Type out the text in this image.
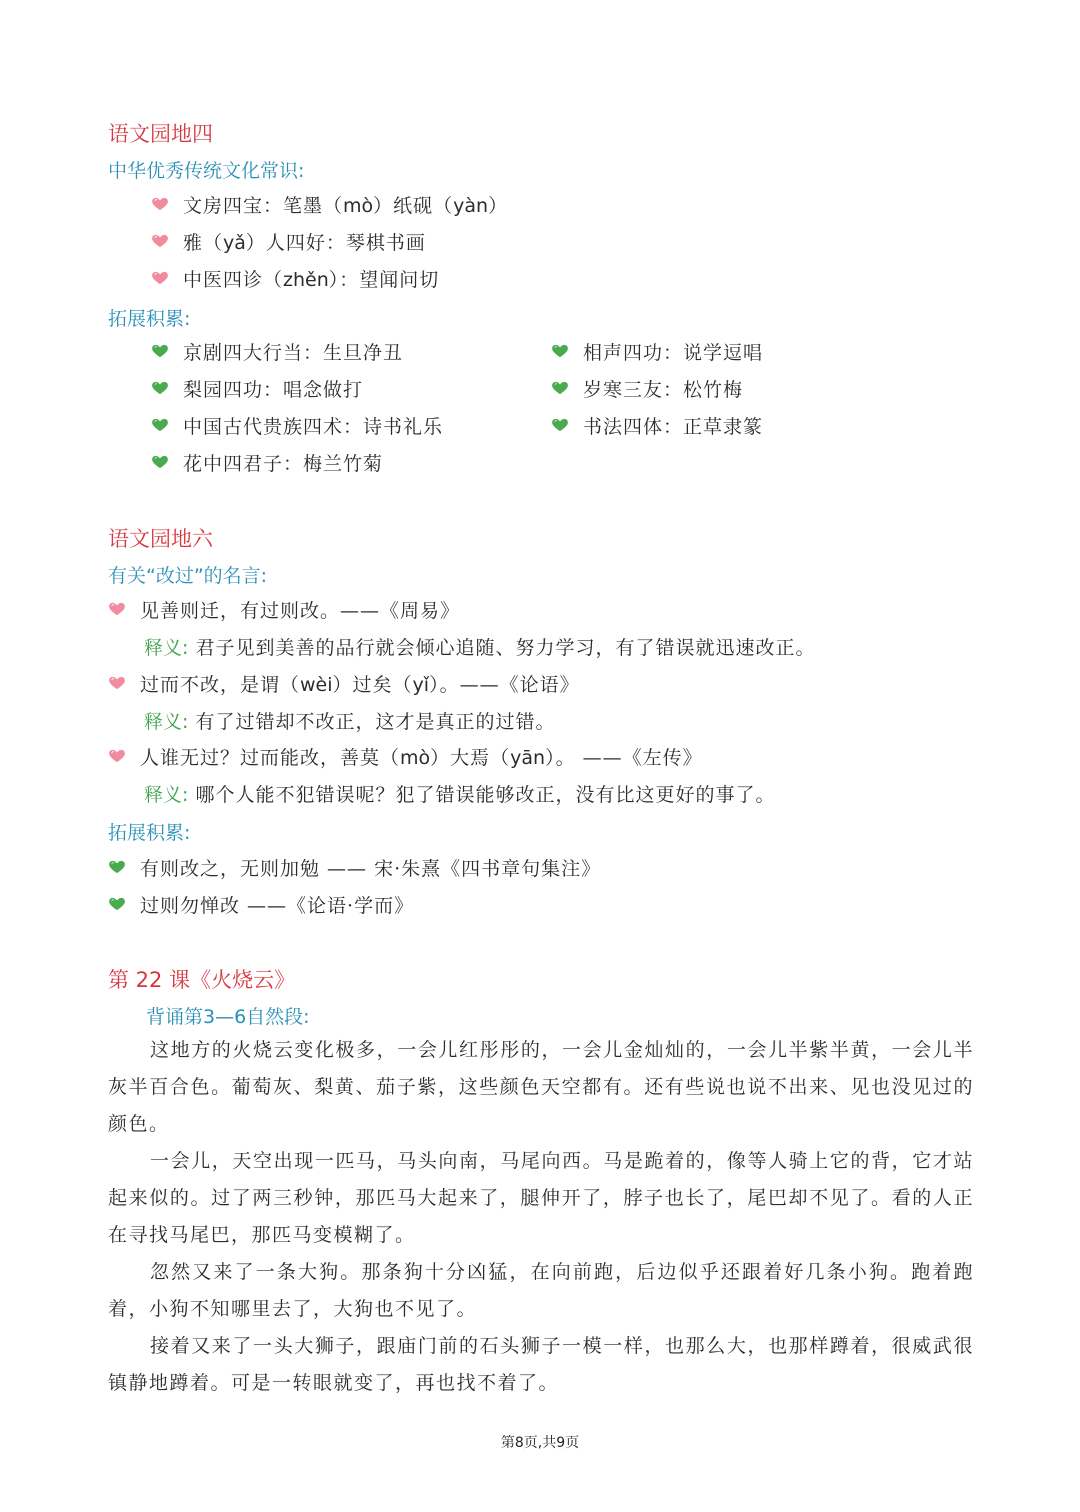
语文园地四
中华优秀传统文化常识:
文房四宝：笔墨（mò）纸砚（yàn）
雅（yǎ）人四好：琴棋书画
中医四诊（zhěn）：望闻问切
拓展积累:
京剧四大行当：生旦净丑	相声四功：说学逗唱
梨园四功：唱念做打	岁寒三友：松竹梅
中国古代贵族四术：诗书礼乐	书法四体：正草隶篆
花中四君子：梅兰竹菊
语文园地六
有关“改过”的名言:
见善则迁，有过则改。——《周易》
释义: 君子见到美善的品行就会倾心追随、努力学习，有了错误就迅速改正。
过而不改，是谓（wèi）过矣（yǐ）。——《论语》
释义: 有了过错却不改正，这才是真正的过错。
人谁无过？过而能改，善莫（mò）大焉（yān）。 ——《左传》
释义: 哪个人能不犯错误呢？犯了错误能够改正，没有比这更好的事了。
拓展积累:
有则改之，无则加勉 —— 宋·朱熹《四书章句集注》
过则勿惮改 ——《论语·学而》
第 22 课《火烧云》
背诵第3—6自然段:
这地方的火烧云变化极多，一会儿红彤彤的，一会儿金灿灿的，一会儿半紫半黄，一会儿半灰半百合色。葡萄灰、梨黄、茄子紫，这些颜色天空都有。还有些说也说不出来、见也没见过的颜色。
一会儿，天空出现一匹马，马头向南，马尾向西。马是跪着的，像等人骑上它的背，它才站起来似的。过了两三秒钟，那匹马大起来了，腿伸开了，脖子也长了，尾巴却不见了。看的人正在寻找马尾巴，那匹马变模糊了。
忽然又来了一条大狗。那条狗十分凶猛，在向前跑，后边似乎还跟着好几条小狗。跑着跑着，小狗不知哪里去了，大狗也不见了。
接着又来了一头大狮子，跟庙门前的石头狮子一模一样，也那么大，也那样蹲着，很威武很镇静地蹲着。可是一转眼就变了，再也找不着了。
第8页,共9页
